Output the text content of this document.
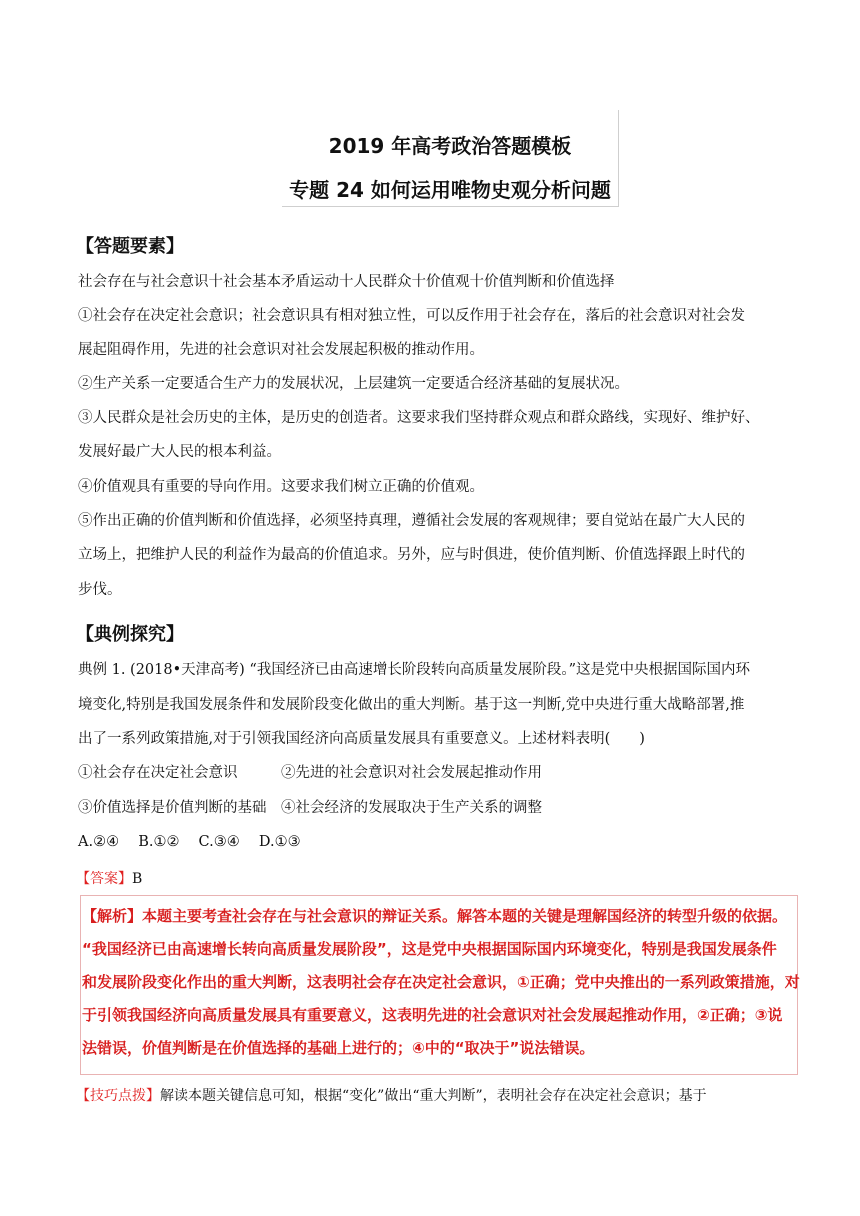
2019 年高考政治答题模板
专题 24 如何运用唯物史观分析问题
【答题要素】
社会存在与社会意识十社会基本矛盾运动十人民群众十价值观十价值判断和价值选择
①社会存在决定社会意识；社会意识具有相对独立性，可以反作用于社会存在，落后的社会意识对社会发
展起阻碍作用，先进的社会意识对社会发展起积极的推动作用。
②生产关系一定要适合生产力的发展状况，上层建筑一定要适合经济基础的复展状况。
③人民群众是社会历史的主体，是历史的创造者。这要求我们坚持群众观点和群众路线，实现好、维护好、
发展好最广大人民的根本利益。
④价值观具有重要的导向作用。这要求我们树立正确的价值观。
⑤作出正确的价值判断和价值选择，必须坚持真理，遵循社会发展的客观规律；要自觉站在最广大人民的
立场上，把维护人民的利益作为最高的价值追求。另外，应与时俱进，使价值判断、价值选择跟上时代的
步伐。
【典例探究】
典例 1. (2018•天津高考) “我国经济已由高速增长阶段转向高质量发展阶段。”这是党中央根据国际国内环
境变化,特别是我国发展条件和发展阶段变化做出的重大判断。基于这一判断,党中央进行重大战略部署,推
出了一系列政策措施,对于引领我国经济向高质量发展具有重要意义。上述材料表明(　　)
①社会存在决定社会意识　　　②先进的社会意识对社会发展起推动作用
③价值选择是价值判断的基础　④社会经济的发展取决于生产关系的调整
A.②④　 B.①②　 C.③④　 D.①③
【答案】B
【解析】本题主要考查社会存在与社会意识的辩证关系。解答本题的关键是理解国经济的转型升级的依据。
“我国经济已由高速增长转向高质量发展阶段”，这是党中央根据国际国内环境变化，特别是我国发展条件
和发展阶段变化作出的重大判断，这表明社会存在决定社会意识，①正确；党中央推出的一系列政策措施，对
于引领我国经济向高质量发展具有重要意义，这表明先进的社会意识对社会发展起推动作用，②正确；③说
法错误，价值判断是在价值选择的基础上进行的；④中的“取决于”说法错误。
【技巧点拨】解读本题关键信息可知，根据“变化”做出“重大判断”，表明社会存在决定社会意识；基于
